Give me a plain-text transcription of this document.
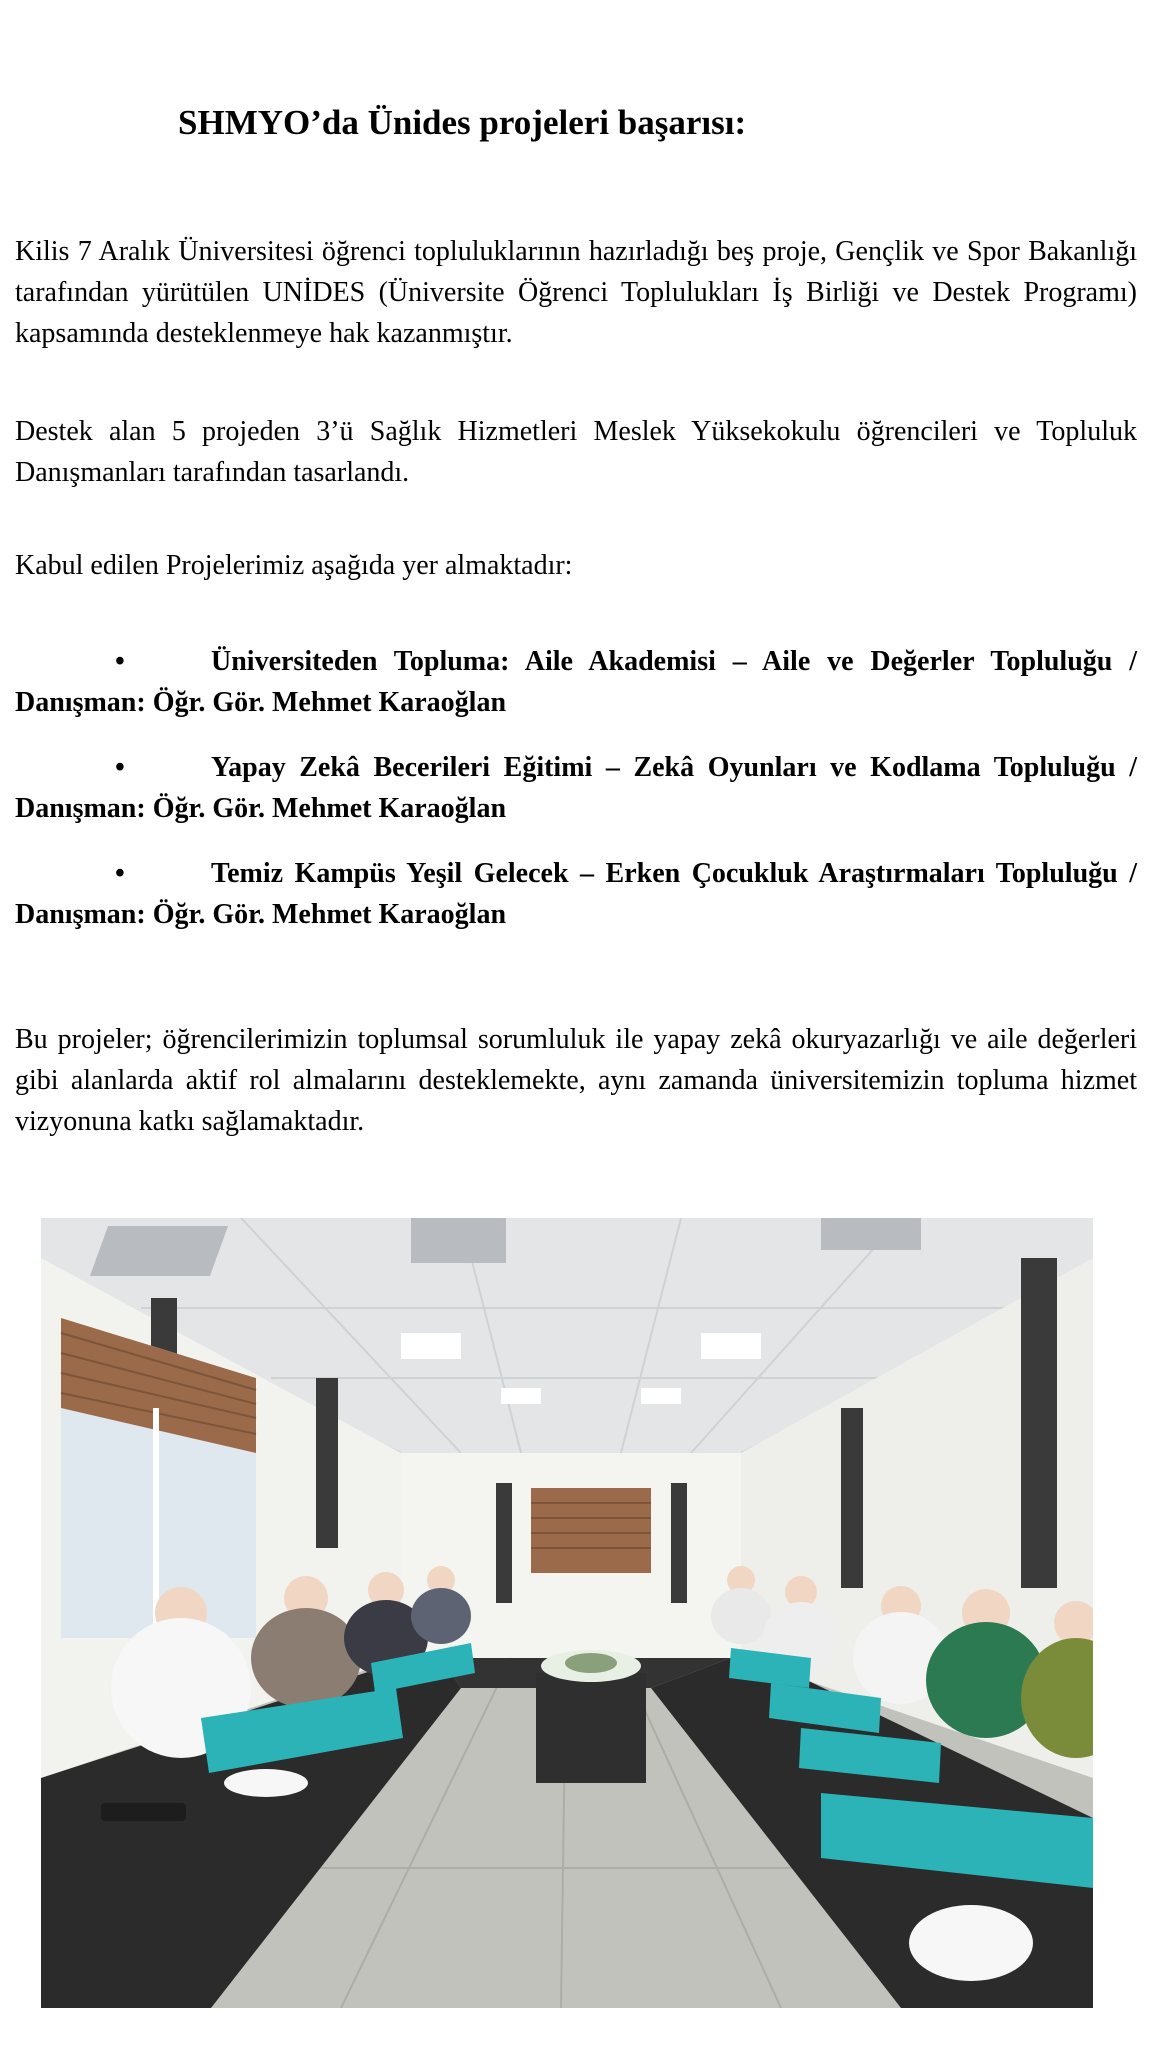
SHMYO’da Ünides projeleri başarısı:

Kilis 7 Aralık Üniversitesi öğrenci topluluklarının hazırladığı beş proje, Gençlik ve Spor Bakanlığı tarafından yürütülen UNİDES (Üniversite Öğrenci Toplulukları İş Birliği ve Destek Programı) kapsamında desteklenmeye hak kazanmıştır.

Destek alan 5 projeden 3’ü Sağlık Hizmetleri Meslek Yüksekokulu öğrencileri ve Topluluk Danışmanları tarafından tasarlandı.

Kabul edilen Projelerimiz aşağıda yer almaktadır:

•	Üniversiteden Topluma: Aile Akademisi – Aile ve Değerler Topluluğu / Danışman: Öğr. Gör. Mehmet Karaoğlan

•	Yapay Zekâ Becerileri Eğitimi – Zekâ Oyunları ve Kodlama Topluluğu / Danışman: Öğr. Gör. Mehmet Karaoğlan

•	Temiz Kampüs Yeşil Gelecek – Erken Çocukluk Araştırmaları Topluluğu / Danışman: Öğr. Gör. Mehmet Karaoğlan

Bu projeler; öğrencilerimizin toplumsal sorumluluk ile yapay zekâ okuryazarlığı ve aile değerleri gibi alanlarda aktif rol almalarını desteklemekte, aynı zamanda üniversitemizin topluma hizmet vizyonuna katkı sağlamaktadır.
